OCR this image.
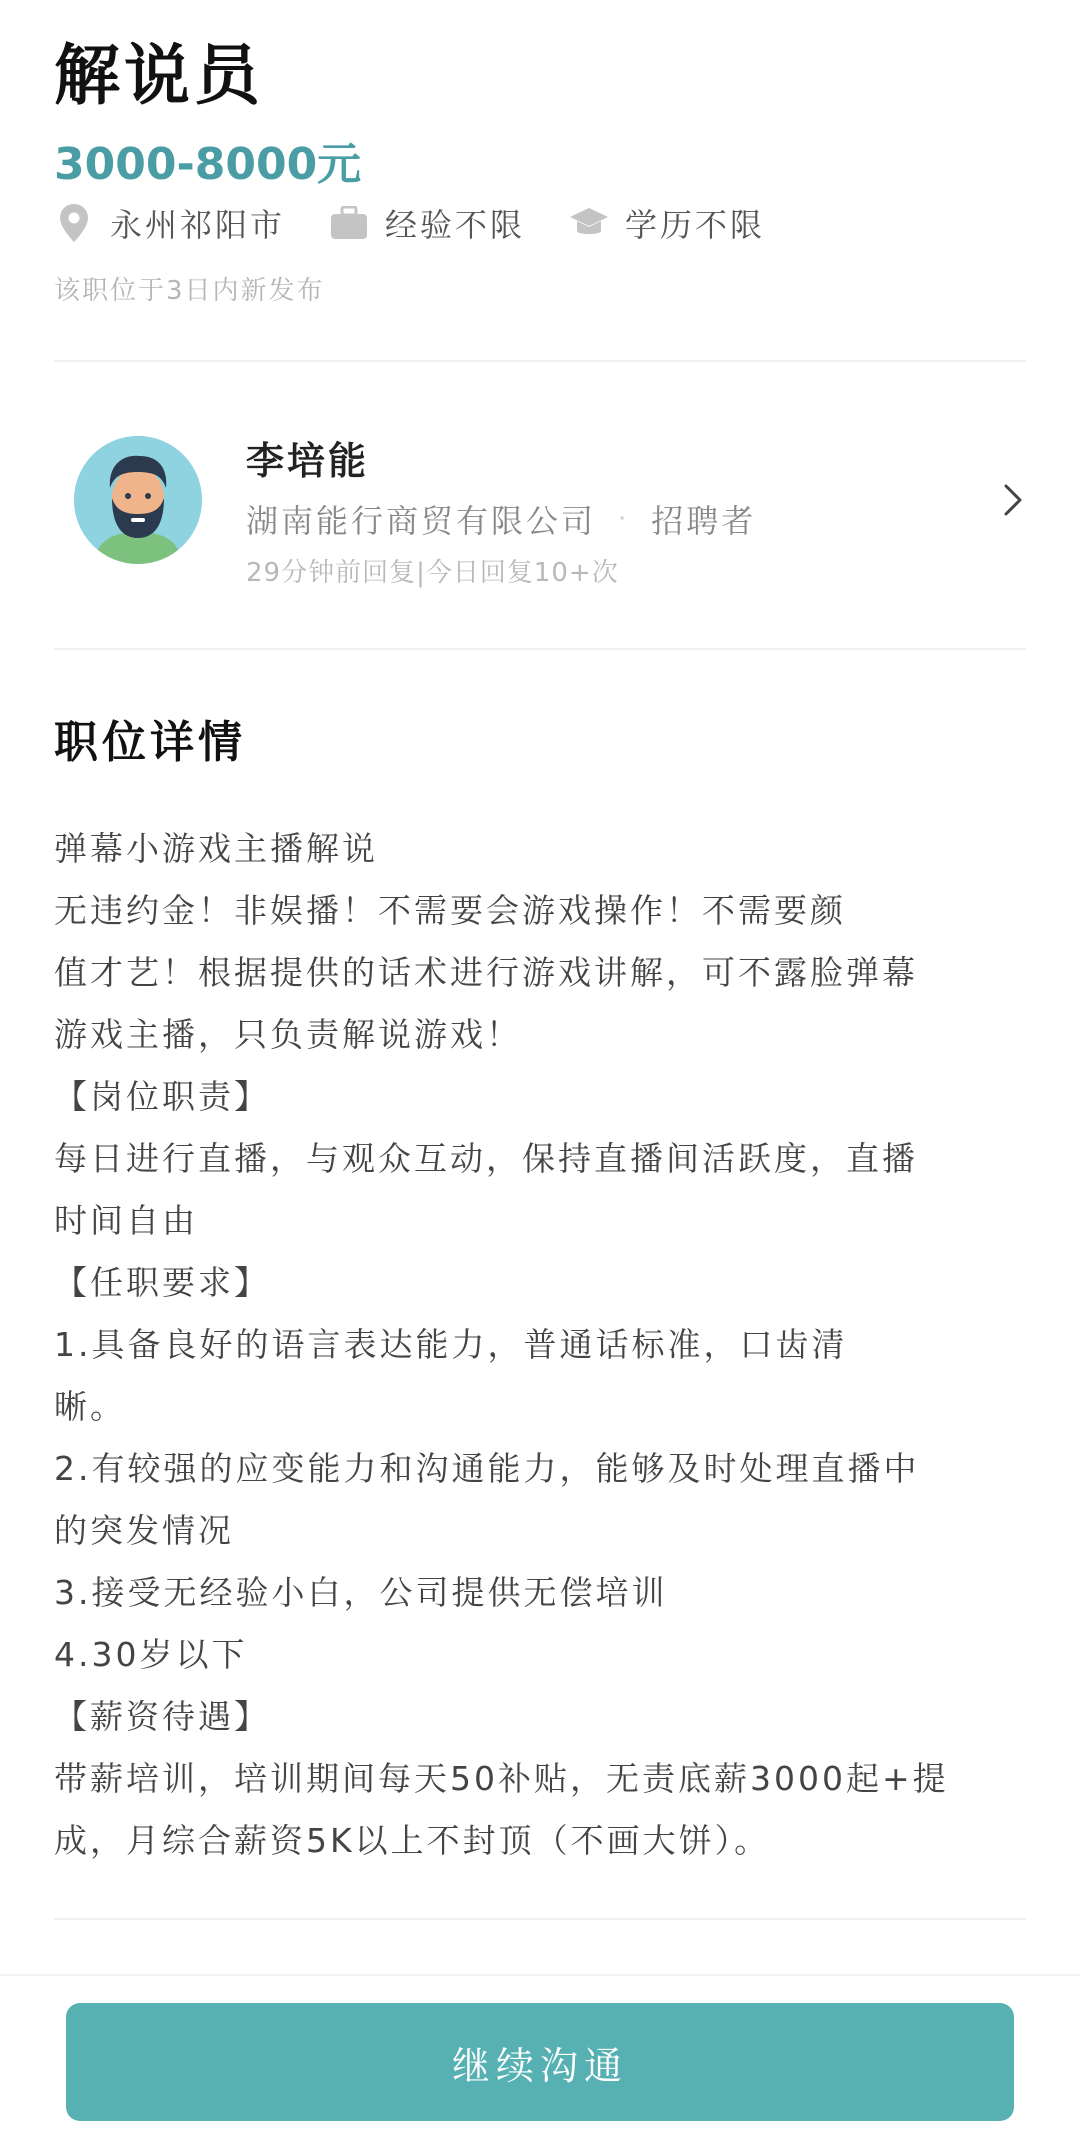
解说员
3000-8000元
永州祁阳市	经验不限	学历不限
该职位于3日内新发布
李培能
湖南能行商贸有限公司 · 招聘者
29分钟前回复|今日回复10+次
职位详情
弹幕小游戏主播解说
无违约金！非娱播！不需要会游戏操作！不需要颜
值才艺！根据提供的话术进行游戏讲解，可不露脸弹幕
游戏主播，只负责解说游戏！
【岗位职责】
每日进行直播，与观众互动，保持直播间活跃度，直播
时间自由
【任职要求】
1.具备良好的语言表达能力，普通话标准，口齿清
晰。
2.有较强的应变能力和沟通能力，能够及时处理直播中
的突发情况
3.接受无经验小白，公司提供无偿培训
4.30岁以下
【薪资待遇】
带薪培训，培训期间每天50补贴，无责底薪3000起+提
成，月综合薪资5K以上不封顶（不画大饼）。
继续沟通
